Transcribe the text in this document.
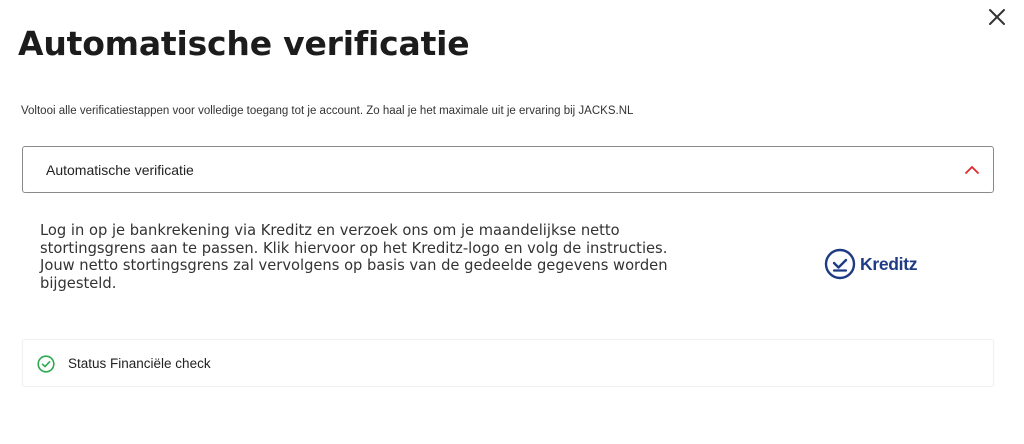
Automatische verificatie

Voltooi alle verificatiestappen voor volledige toegang tot je account. Zo haal je het maximale uit je ervaring bij JACKS.NL

Automatische verificatie

Log in op je bankrekening via Kreditz en verzoek ons om je maandelijkse netto stortingsgrens aan te passen. Klik hiervoor op het Kreditz-logo en volg de instructies. Jouw netto stortingsgrens zal vervolgens op basis van de gedeelde gegevens worden bijgesteld.

Kreditz
Status Financiële check
